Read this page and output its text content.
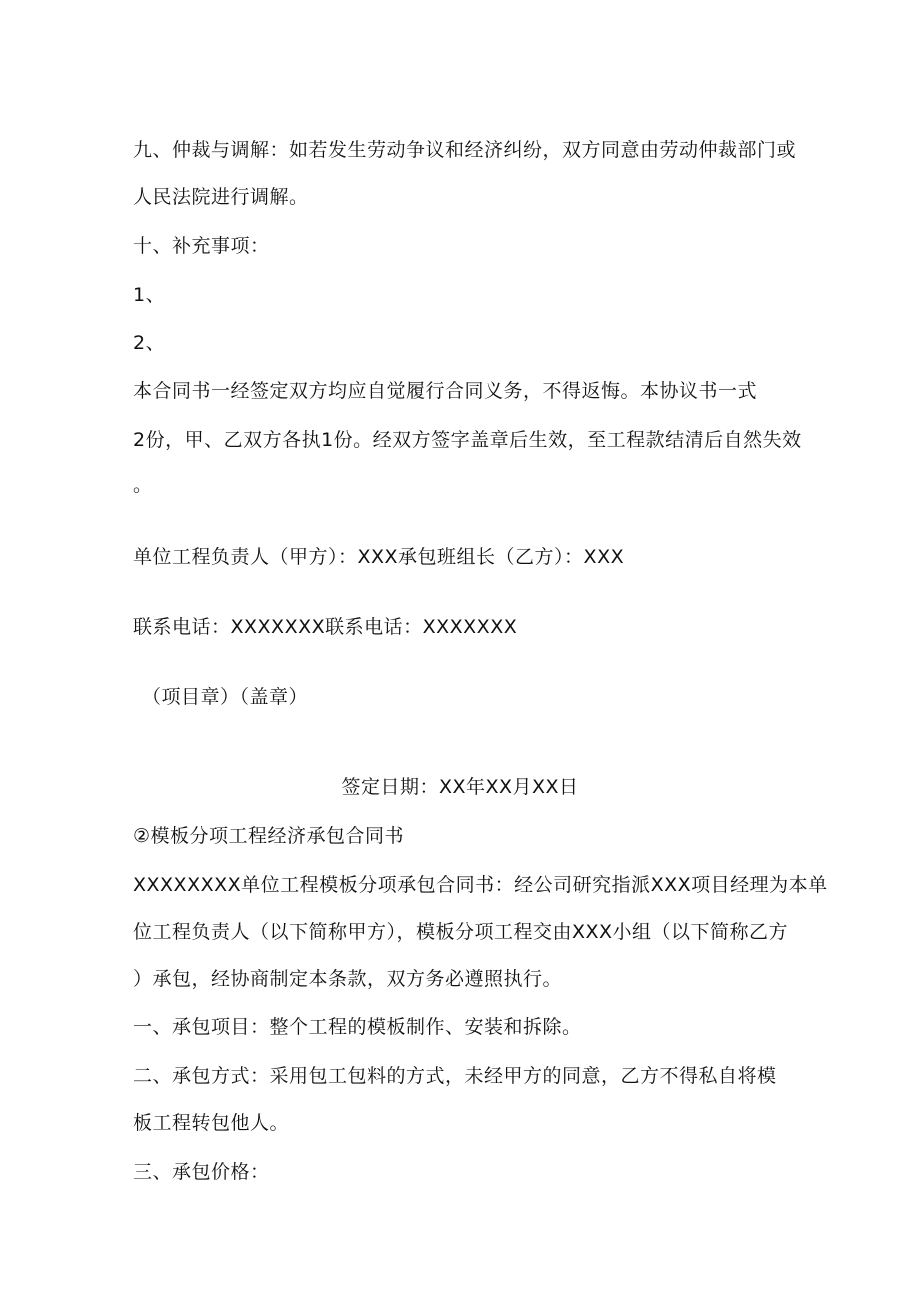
九、仲裁与调解：如若发生劳动争议和经济纠纷，双方同意由劳动仲裁部门或
人民法院进行调解。
十、补充事项：
1、
2、
本合同书一经签定双方均应自觉履行合同义务，不得返悔。本协议书一式
2份，甲、乙双方各执1份。经双方签字盖章后生效，至工程款结清后自然失效
。
单位工程负责人（甲方）：XXX承包班组长（乙方）：XXX
联系电话：XXXXXXX联系电话：XXXXXXX
（项目章）（盖章）
签定日期：XX年XX月XX日
②模板分项工程经济承包合同书
XXXXXXXX单位工程模板分项承包合同书：经公司研究指派XXX项目经理为本单
位工程负责人（以下简称甲方），模板分项工程交由XXX小组（以下简称乙方
）承包，经协商制定本条款，双方务必遵照执行。
一、承包项目：整个工程的模板制作、安装和拆除。
二、承包方式：采用包工包料的方式，未经甲方的同意，乙方不得私自将模
板工程转包他人。
三、承包价格：
